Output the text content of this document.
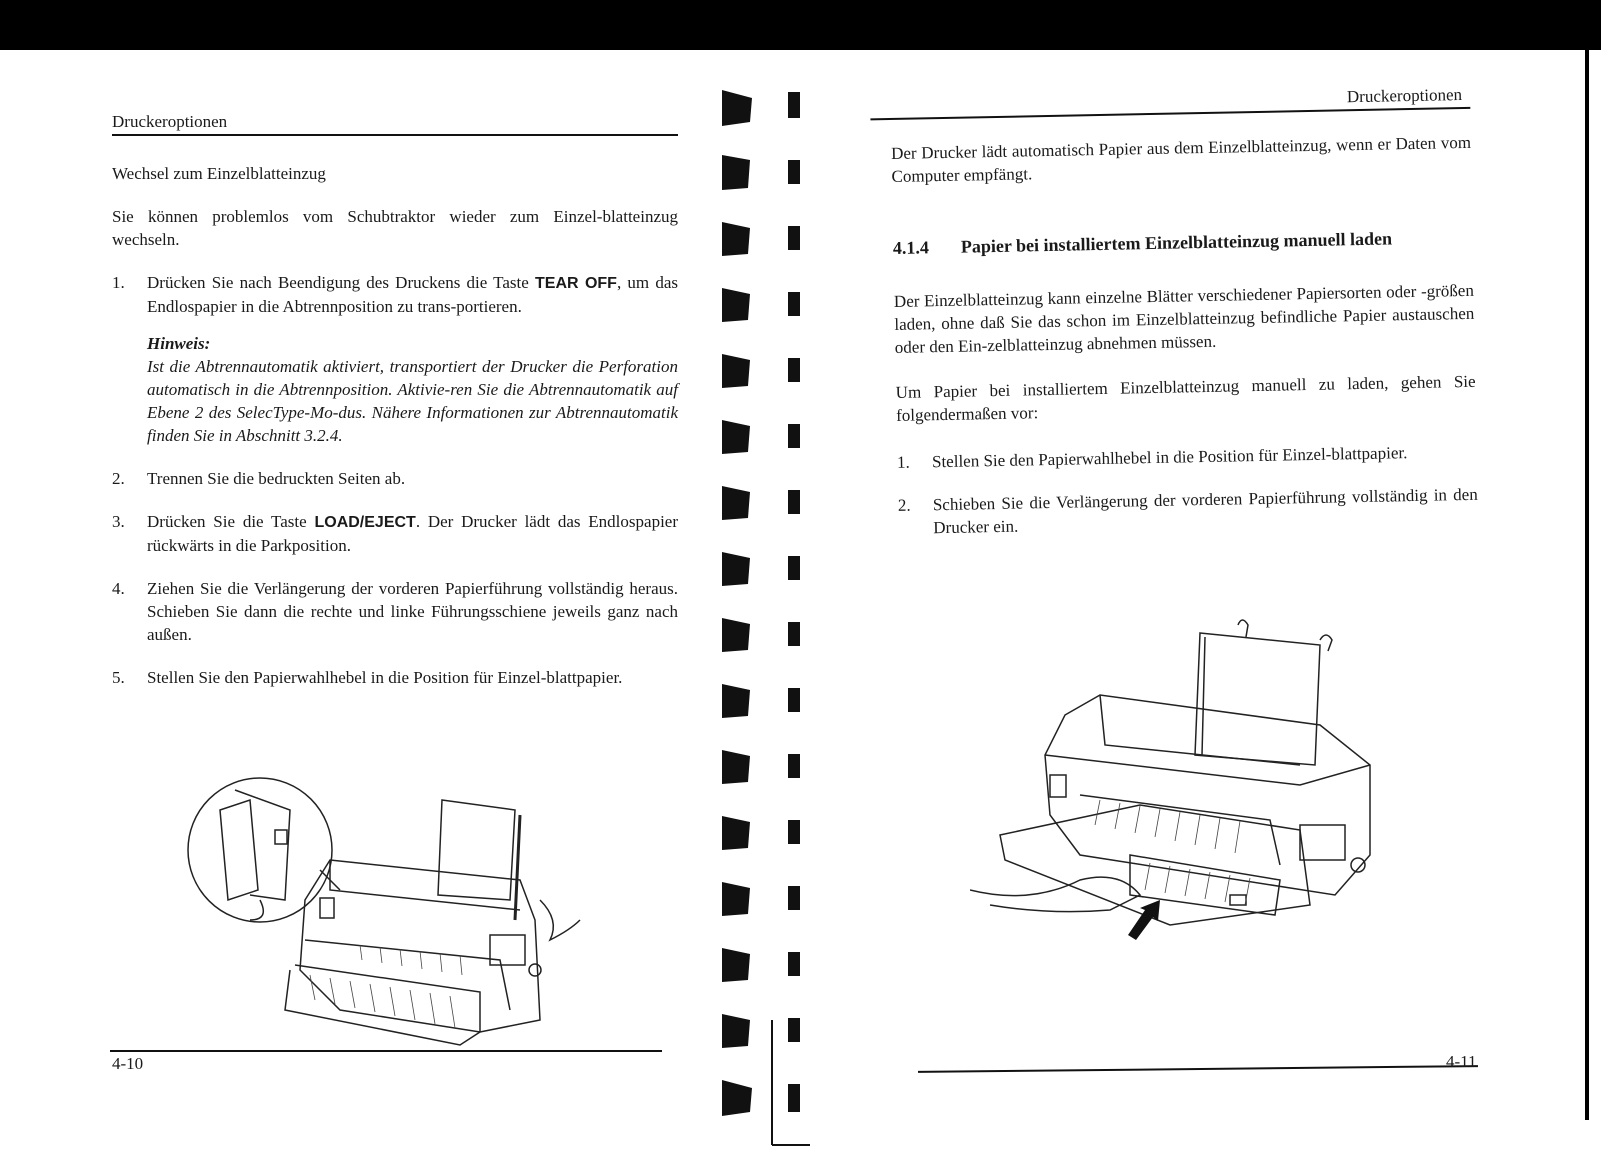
Druckeroptionen

Wechsel zum Einzelblatteinzug

Sie können problemlos vom Schubtraktor wieder zum Einzel-blatteinzug wechseln.

1.	Drücken Sie nach Beendigung des Druckens die Taste TEAR OFF, um das Endlospapier in die Abtrennposition zu trans-portieren.
Hinweis:
Ist die Abtrennautomatik aktiviert, transportiert der Drucker die Perforation automatisch in die Abtrennposition. Aktivie-ren Sie die Abtrennautomatik auf Ebene 2 des SelecType-Mo-dus. Nähere Informationen zur Abtrennautomatik finden Sie in Abschnitt 3.2.4.
2.	Trennen Sie die bedruckten Seiten ab.
3.	Drücken Sie die Taste LOAD/EJECT. Der Drucker lädt das Endlospapier rückwärts in die Parkposition.
4.	Ziehen Sie die Verlängerung der vorderen Papierführung vollständig heraus. Schieben Sie dann die rechte und linke Führungsschiene jeweils ganz nach außen.
5.	Stellen Sie den Papierwahlhebel in die Position für Einzel-blattpapier.
4-10
Druckeroptionen

Der Drucker lädt automatisch Papier aus dem Einzelblatteinzug, wenn er Daten vom Computer empfängt.

4.1.4	Papier bei installiertem Einzelblatteinzug manuell laden

Der Einzelblatteinzug kann einzelne Blätter verschiedener Papiersorten oder -größen laden, ohne daß Sie das schon im Einzelblatteinzug befindliche Papier austauschen oder den Ein-zelblatteinzug abnehmen müssen.

Um Papier bei installiertem Einzelblatteinzug manuell zu laden, gehen Sie folgendermaßen vor:

1.	Stellen Sie den Papierwahlhebel in die Position für Einzel-blattpapier.
2.	Schieben Sie die Verlängerung der vorderen Papierführung vollständig in den Drucker ein.
4-11
